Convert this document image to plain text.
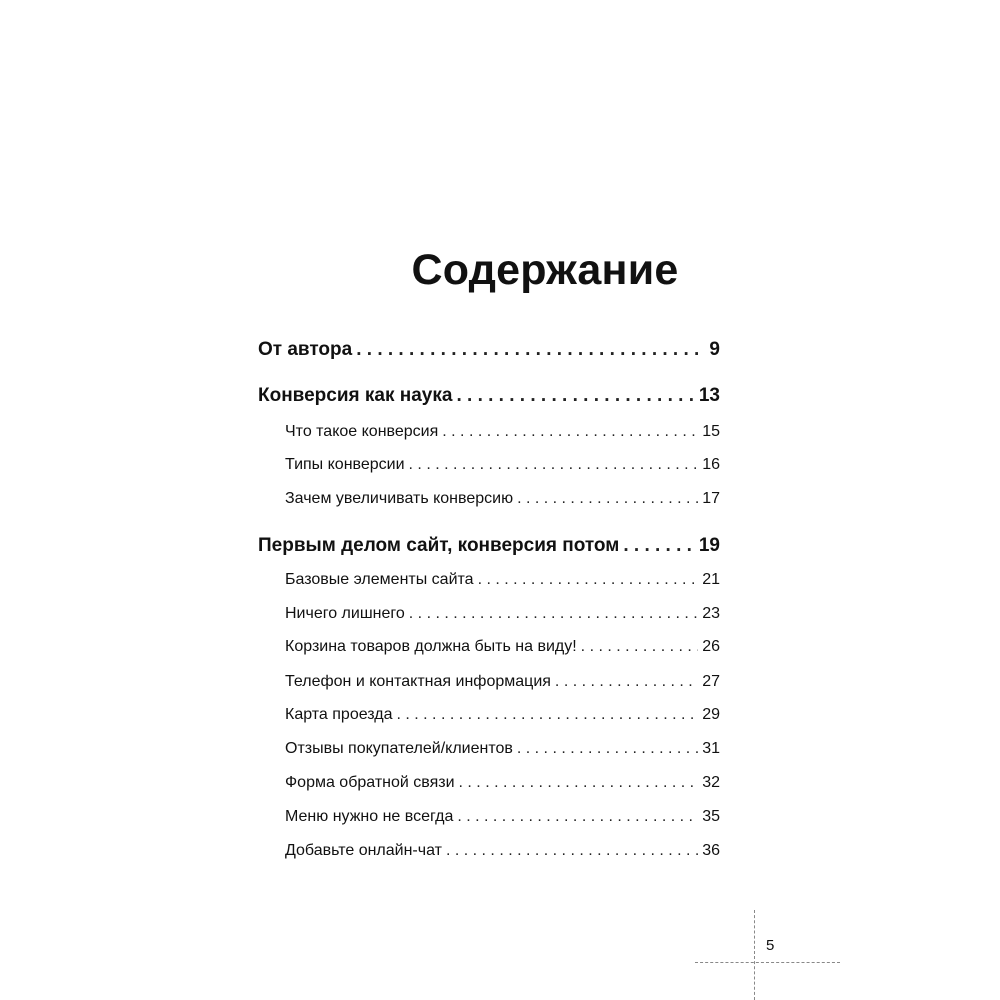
Содержание
От автора . . .	9
Конверсия как наука . . .	13
Что такое конверсия . . .	15
Типы конверсии . . .	16
Зачем увеличивать конверсию . . .	17
Первым делом сайт, конверсия потом . . .	19
Базовые элементы сайта . . .	21
Ничего лишнего . . .	23
Корзина товаров должна быть на виду! . . .	26
Телефон и контактная информация . . .	27
Карта проезда . . .	29
Отзывы покупателей/клиентов . . .	31
Форма обратной связи . . .	32
Меню нужно не всегда . . .	35
Добавьте онлайн-чат . . .	36
5
